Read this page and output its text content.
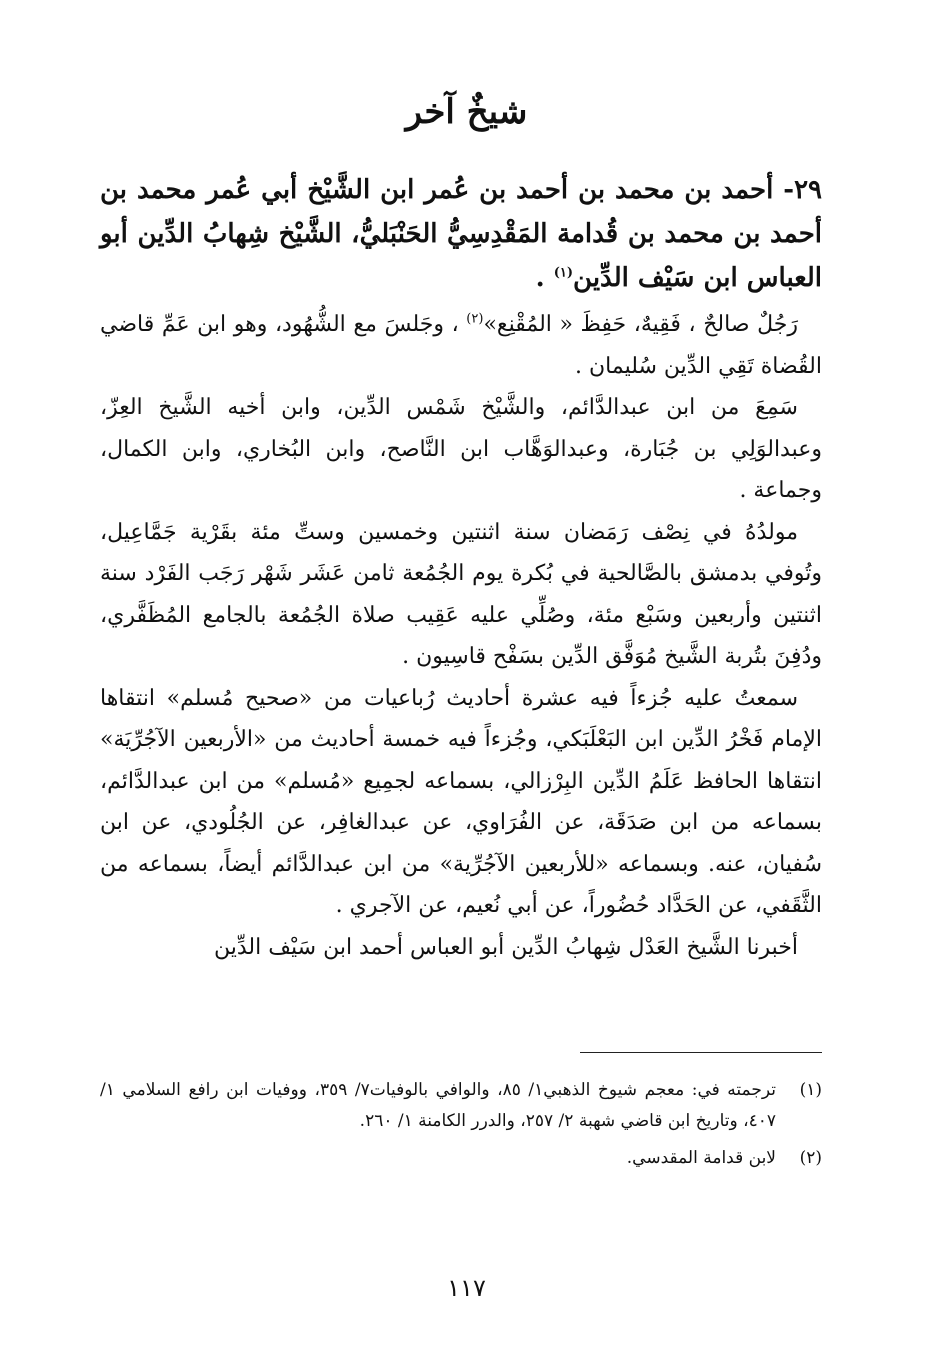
شيخٌ آخر

٢٩- أحمد بن محمد بن أحمد بن عُمر ابن الشَّيْخ أبي عُمر محمد بن أحمد بن محمد بن قُدامة المَقْدِسِيُّ الحَنْبَليُّ، الشَّيْخ شِهابُ الدِّين أبو العباس ابن سَيْف الدِّين$^{(١)}$ .

رَجُلٌ صالحٌ ، فَقِيهٌ، حَفِظَ « المُقْنِع»$^{(٢)}$ ، وجَلسَ مع الشُّهُود، وهو ابن عَمِّ قاضي القُضاة تَقِي الدِّين سُليمان .

سَمِعَ من ابن عبدالدَّائم، والشَّيْخ شَمْس الدِّين، وابن أخيه الشَّيخ العِزّ، وعبدالوَلِي بن جُبَارة، وعبدالوَهَّاب ابن النَّاصح، وابن البُخاري، وابن الكمال، وجماعة .

مولدُهُ في نِصْف رَمَضان سنة اثنتين وخمسين وستِّ مئة بقَرْية جَمَّاعِيل، وتُوفي بدمشق بالصَّالحية في بُكرة يوم الجُمُعة ثامن عَشَر شَهْر رَجَب الفَرْد سنة اثنتين وأربعين وسَبْع مئة، وصُلِّي عليه عَقِيب صلاة الجُمُعة بالجامع المُظَفَّري، ودُفِنَ بتُربة الشَّيخ مُوَفَّق الدِّين بسَفْح قاسِيون .

سمعتُ عليه جُزءاً فيه عشرة أحاديث رُباعيات من «صحيح مُسلم» انتقاها الإمام فَخْرُ الدِّين ابن البَعْلَبَكي، وجُزءاً فيه خمسة أحاديث من «الأربعين الآجُرِّيَة» انتقاها الحافظ عَلَمُ الدِّين البِرْزالي، بسماعه لجمِيع «مُسلم» من ابن عبدالدَّائم، بسماعه من ابن صَدَقَة، عن الفُرَاوي، عن عبدالغافِر، عن الجُلُودي، عن ابن سُفيان، عنه. وبسماعه «للأربعين الآجُرِّية» من ابن عبدالدَّائم أيضاً، بسماعه من الثَّقَفي، عن الحَدَّاد حُضُوراً، عن أبي نُعيم، عن الآجري .

أخبرنا الشَّيخ العَدْل شِهابُ الدِّين أبو العباس أحمد ابن سَيْف الدِّين

(١)
ترجمته في: معجم شيوخ الذهبي١/ ٨٥، والوافي بالوفيات٧/ ٣٥٩، ووفيات ابن رافع السلامي ١/ ٤٠٧، وتاريخ ابن قاضي شهبة ٢/ ٢٥٧، والدرر الكامنة ١/ ٢٦٠.
(٢)
لابن قدامة المقدسي.
١١٧
